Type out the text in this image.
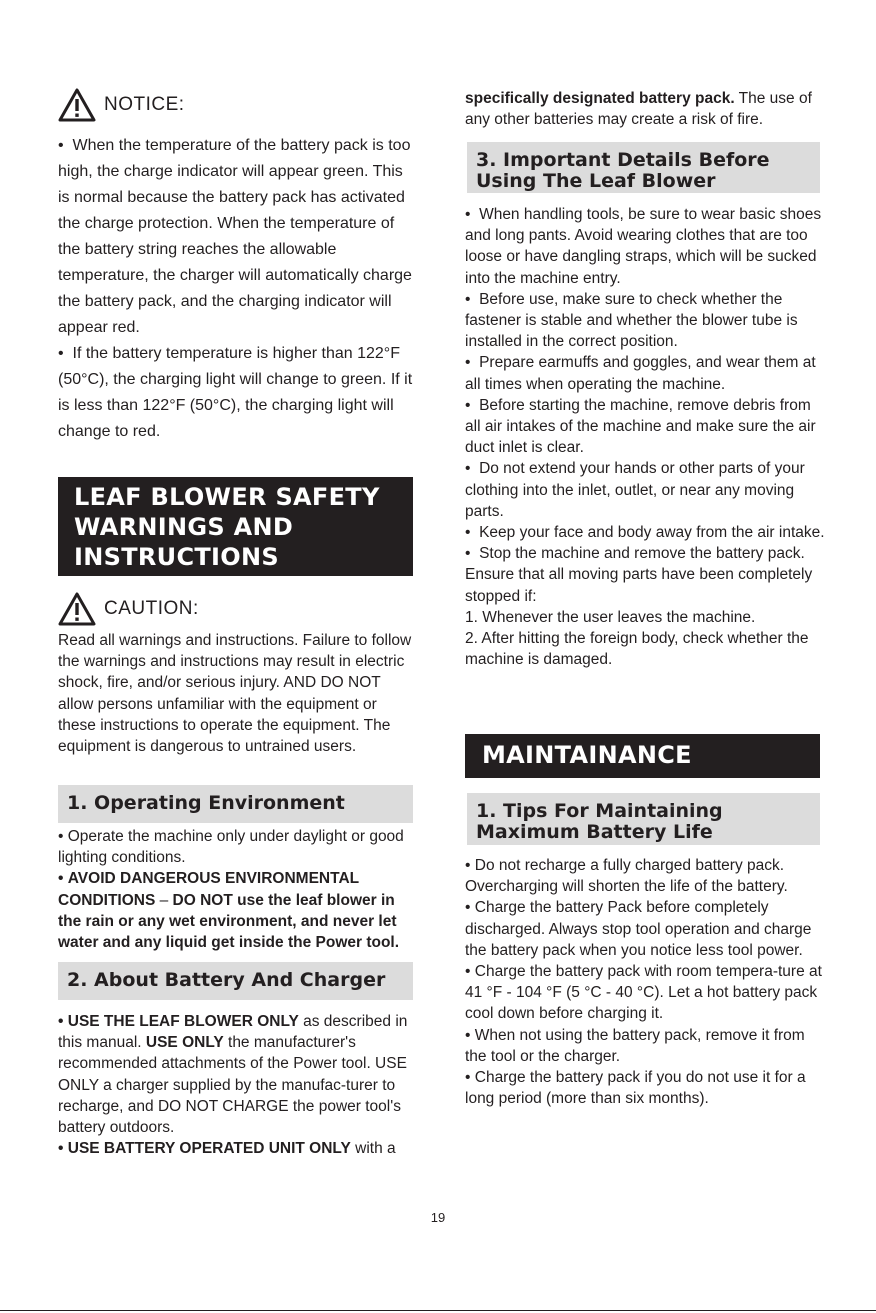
NOTICE:

• When the temperature of the battery pack is too high, the charge indicator will appear green. This is normal because the battery pack has activated the charge protection. When the temperature of the battery string reaches the allowable temperature, the charger will automatically charge the battery pack, and the charging indicator will appear red.

• If the battery temperature is higher than 122°F (50°C), the charging light will change to green. If it is less than 122°F (50°C), the charging light will change to red.

LEAF BLOWER SAFETY
WARNINGS AND
INSTRUCTIONS
CAUTION:
Read all warnings and instructions. Failure to follow the warnings and instructions may result in electric shock, fire, and/or serious injury. AND DO NOT allow persons unfamiliar with the equipment or these instructions to operate the equipment. The equipment is dangerous to untrained users.
1. Operating Environment

• Operate the machine only under daylight or good lighting conditions.

• AVOID DANGEROUS ENVIRONMENTAL CONDITIONS – DO NOT use the leaf blower in the rain or any wet environment, and never let water and any liquid get inside the Power tool.

2. About Battery And Charger

• USE THE LEAF BLOWER ONLY as described in this manual. USE ONLY the manufacturer's recommended attachments of the Power tool. USE ONLY a charger supplied by the manufac-turer to recharge, and DO NOT CHARGE the power tool's battery outdoors.

• USE BATTERY OPERATED UNIT ONLY with a

specifically designated battery pack. The use of any other batteries may create a risk of fire.

3. Important Details Before Using The Leaf Blower

• When handling tools, be sure to wear basic shoes and long pants. Avoid wearing clothes that are too loose or have dangling straps, which will be sucked into the machine entry.

• Before use, make sure to check whether the fastener is stable and whether the blower tube is installed in the correct position.

• Prepare earmuffs and goggles, and wear them at all times when operating the machine.

• Before starting the machine, remove debris from all air intakes of the machine and make sure the air duct inlet is clear.

• Do not extend your hands or other parts of your clothing into the inlet, outlet, or near any moving parts.

• Keep your face and body away from the air intake.

• Stop the machine and remove the battery pack. Ensure that all moving parts have been completely stopped if:

1. Whenever the user leaves the machine.

2. After hitting the foreign body, check whether the machine is damaged.

MAINTAINANCE
1. Tips For Maintaining Maximum Battery Life

• Do not recharge a fully charged battery pack. Overcharging will shorten the life of the battery.

• Charge the battery Pack before completely discharged. Always stop tool operation and charge the battery pack when you notice less tool power.

• Charge the battery pack with room tempera-ture at 41 °F - 104 °F (5 °C - 40 °C). Let a hot battery pack cool down before charging it.

• When not using the battery pack, remove it from the tool or the charger.

• Charge the battery pack if you do not use it for a long period (more than six months).

19
